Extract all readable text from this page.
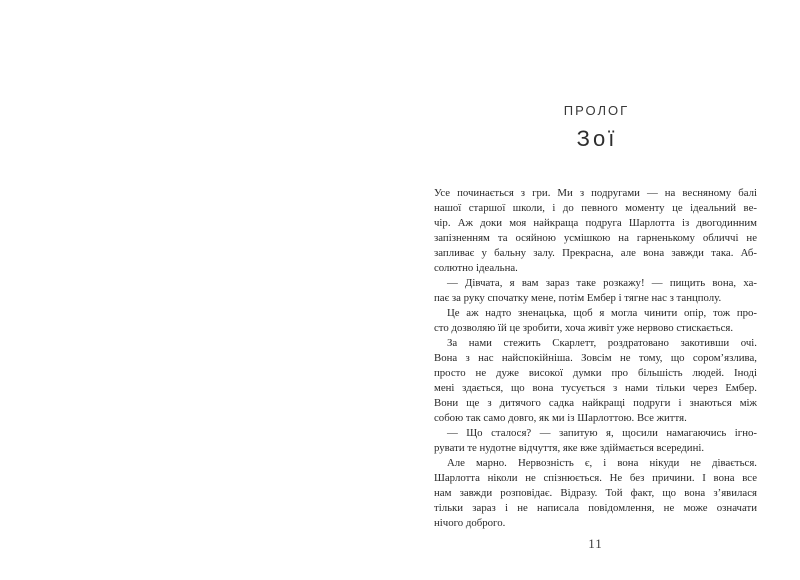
ПРОЛОГ
Зої
Усе починається з гри. Ми з подругами — на весняному балі
нашої старшої школи, і до певного моменту це ідеальний ве-
чір. Аж доки моя найкраща подруга Шарлотта із двогодинним
запізненням та осяйною усмішкою на гарненькому обличчі не
запливає у бальну залу. Прекрасна, але вона завжди така. Аб-
солютно ідеальна.
— Дівчата, я вам зараз таке розкажу! — пищить вона, ха-
пає за руку спочатку мене, потім Ембер і тягне нас з танцполу.
Це аж надто зненацька, щоб я могла чинити опір, тож про-
сто дозволяю їй це зробити, хоча живіт уже нервово стискається.
За нами стежить Скарлетт, роздратовано закотивши очі.
Вона з нас найспокійніша. Зовсім не тому, що сором’язлива,
просто не дуже високої думки про більшість людей. Іноді
мені здається, що вона тусується з нами тільки через Ембер.
Вони ще з дитячого садка найкращі подруги і знаються між
собою так само довго, як ми із Шарлоттою. Все життя.
— Що сталося? — запитую я, щосили намагаючись ігно-
рувати те нудотне відчуття, яке вже здіймається всередині.
Але марно. Нервозність є, і вона нікуди не дівається.
Шарлотта ніколи не спізнюється. Не без причини. І вона все
нам завжди розповідає. Відразу. Той факт, що вона з’явилася
тільки зараз і не написала повідомлення, не може означати
нічого доброго.
11
